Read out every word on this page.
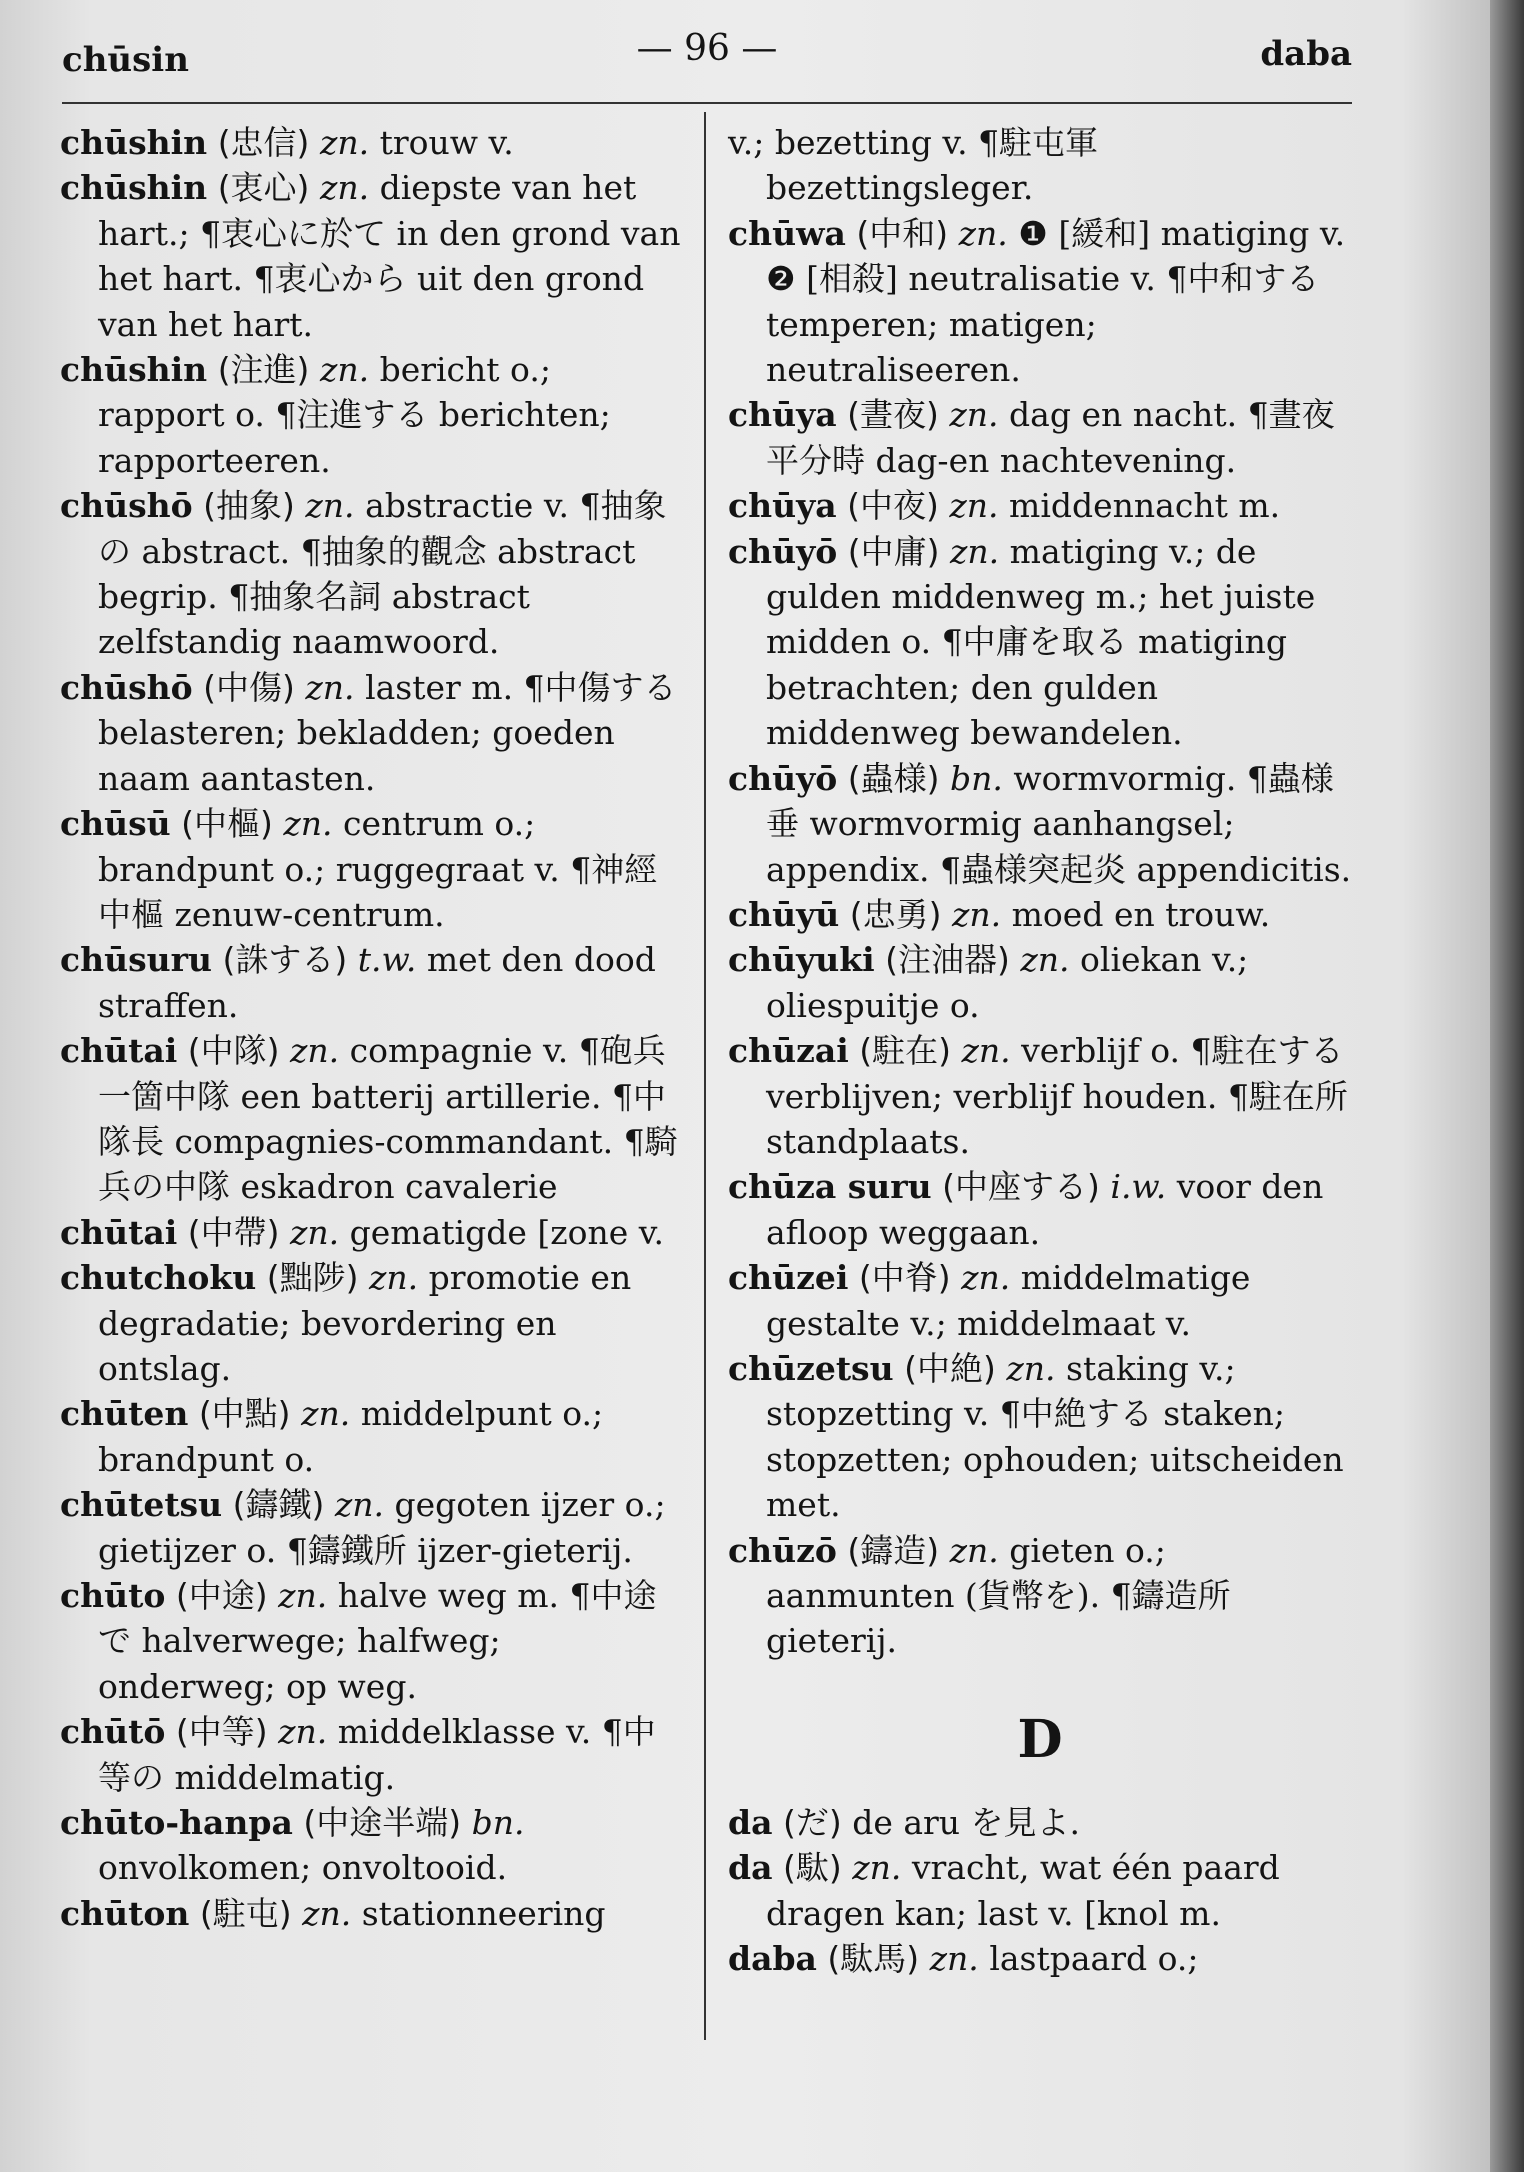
chūsin	— 96 —	daba

chūshin (忠信) zn. trouw v.

chūshin (衷心) zn. diepste van het hart.; ¶衷心に於て in den grond van het hart. ¶衷心から uit den grond van het hart.

chūshin (注進) zn. bericht o.; rapport o. ¶注進する berichten; rapporteeren.

chūshō (抽象) zn. abstractie v. ¶抽象の abstract. ¶抽象的觀念 abstract begrip. ¶抽象名詞 abstract zelfstandig naamwoord.

chūshō (中傷) zn. laster m. ¶中傷する belasteren; bekladden; goeden naam aantasten.

chūsū (中樞) zn. centrum o.; brandpunt o.; ruggegraat v. ¶神經中樞 zenuw-centrum.

chūsuru (誅する) t.w. met den dood straffen.

chūtai (中隊) zn. compagnie v. ¶砲兵一箇中隊 een batterij artillerie. ¶中隊長 compagnies-commandant. ¶騎兵の中隊 eskadron cavalerie

chūtai (中帶) zn. gematigde [zone v.

chutchoku (黜陟) zn. promotie en degradatie; bevordering en ontslag.

chūten (中點) zn. middelpunt o.; brandpunt o.

chūtetsu (鑄鐵) zn. gegoten ijzer o.; gietijzer o. ¶鑄鐵所 ijzer-gieterij.

chūto (中途) zn. halve weg m. ¶中途で halverwege; halfweg; onderweg; op weg.

chūtō (中等) zn. middelklasse v. ¶中等の middelmatig.

chūto-hanpa (中途半端) bn. onvolkomen; onvoltooid.

chūton (駐屯) zn. stationneering

v.; bezetting v. ¶駐屯軍 bezettingsleger.

chūwa (中和) zn. ❶ [緩和] matiging v. ❷ [相殺] neutralisatie v. ¶中和する temperen; matigen; neutraliseeren.

chūya (晝夜) zn. dag en nacht. ¶晝夜平分時 dag-en nachtevening.

chūya (中夜) zn. middennacht m.

chūyō (中庸) zn. matiging v.; de gulden middenweg m.; het juiste midden o. ¶中庸を取る matiging betrachten; den gulden middenweg bewandelen.

chūyō (蟲様) bn. wormvormig. ¶蟲様垂 wormvormig aanhangsel; appendix. ¶蟲様突起炎 appendicitis.

chūyū (忠勇) zn. moed en trouw.

chūyuki (注油器) zn. oliekan v.; oliespuitje o.

chūzai (駐在) zn. verblijf o. ¶駐在する verblijven; verblijf houden. ¶駐在所 standplaats.

chūza suru (中座する) i.w. voor den afloop weggaan.

chūzei (中脊) zn. middelmatige gestalte v.; middelmaat v.

chūzetsu (中絶) zn. staking v.; stopzetting v. ¶中絶する staken; stopzetten; ophouden; uitscheiden met.

chūzō (鑄造) zn. gieten o.; aanmunten (貨幣を). ¶鑄造所 gieterij.

D

da (だ) de aru を見よ.

da (駄) zn. vracht, wat één paard dragen kan; last v. [knol m.

daba (駄馬) zn. lastpaard o.;
